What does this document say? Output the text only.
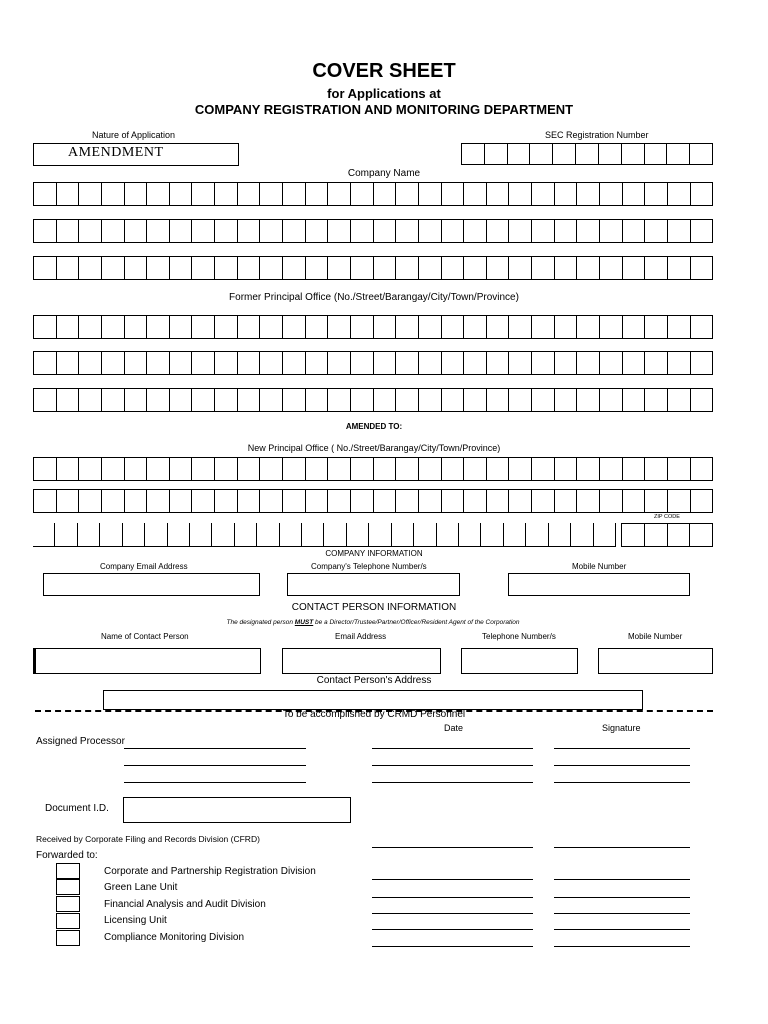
COVER SHEET
for Applications at
COMPANY REGISTRATION AND MONITORING DEPARTMENT
Nature of Application
AMENDMENT
SEC Registration Number
Company Name
Former Principal Office (No./Street/Barangay/City/Town/Province)
AMENDED TO:
New Principal Office ( No./Street/Barangay/City/Town/Province)
ZIP CODE
COMPANY INFORMATION
Company Email Address	Company's Telephone Number/s	Mobile Number
CONTACT PERSON INFORMATION
The designated person MUST be a Director/Trustee/Partner/Officer/Resident Agent of the Corporation
Name of Contact Person	Email Address	Telephone Number/s	Mobile Number
Contact Person's Address
To be accomplished by CRMD Personnel
Date	Signature
Assigned Processor
Document I.D.
Received by Corporate Filing and Records Division (CFRD)
Forwarded to:
Corporate and Partnership Registration Division
Green Lane Unit
Financial Analysis and Audit Division
Licensing Unit
Compliance Monitoring Division
